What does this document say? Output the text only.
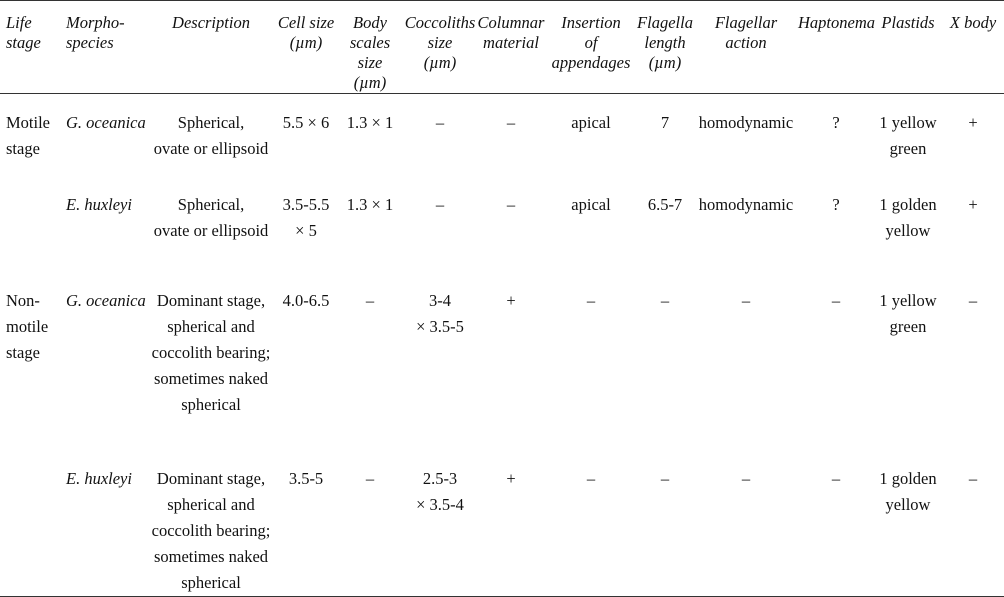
Life
stage	Morpho-
species	Description	Cell size
(µm)	Body
scales size
(µm)	Coccoliths
size
(µm)	Columnar
material	Insertion
of
appendages	Flagella
length
(µm)	Flagellar
action	Haptonema	Plastids	X body
Motile
stage	G. oceanica	Spherical,
ovate or ellipsoid	5.5 × 6	1.3 × 1	–	–	apical	7	homodynamic	?	1 yellow
green	+
	E. huxleyi	Spherical,
ovate or ellipsoid	3.5-5.5
× 5	1.3 × 1	–	–	apical	6.5-7	homodynamic	?	1 golden
yellow	+
Non-
motile
stage	G. oceanica	Dominant stage,
spherical and
coccolith bearing;
sometimes naked
spherical	4.0-6.5	–	3-4
× 3.5-5	+	–	–	–	–	1 yellow
green	–
	E. huxleyi	Dominant stage,
spherical and
coccolith bearing;
sometimes naked
spherical	3.5-5	–	2.5-3
× 3.5-4	+	–	–	–	–	1 golden
yellow	–
